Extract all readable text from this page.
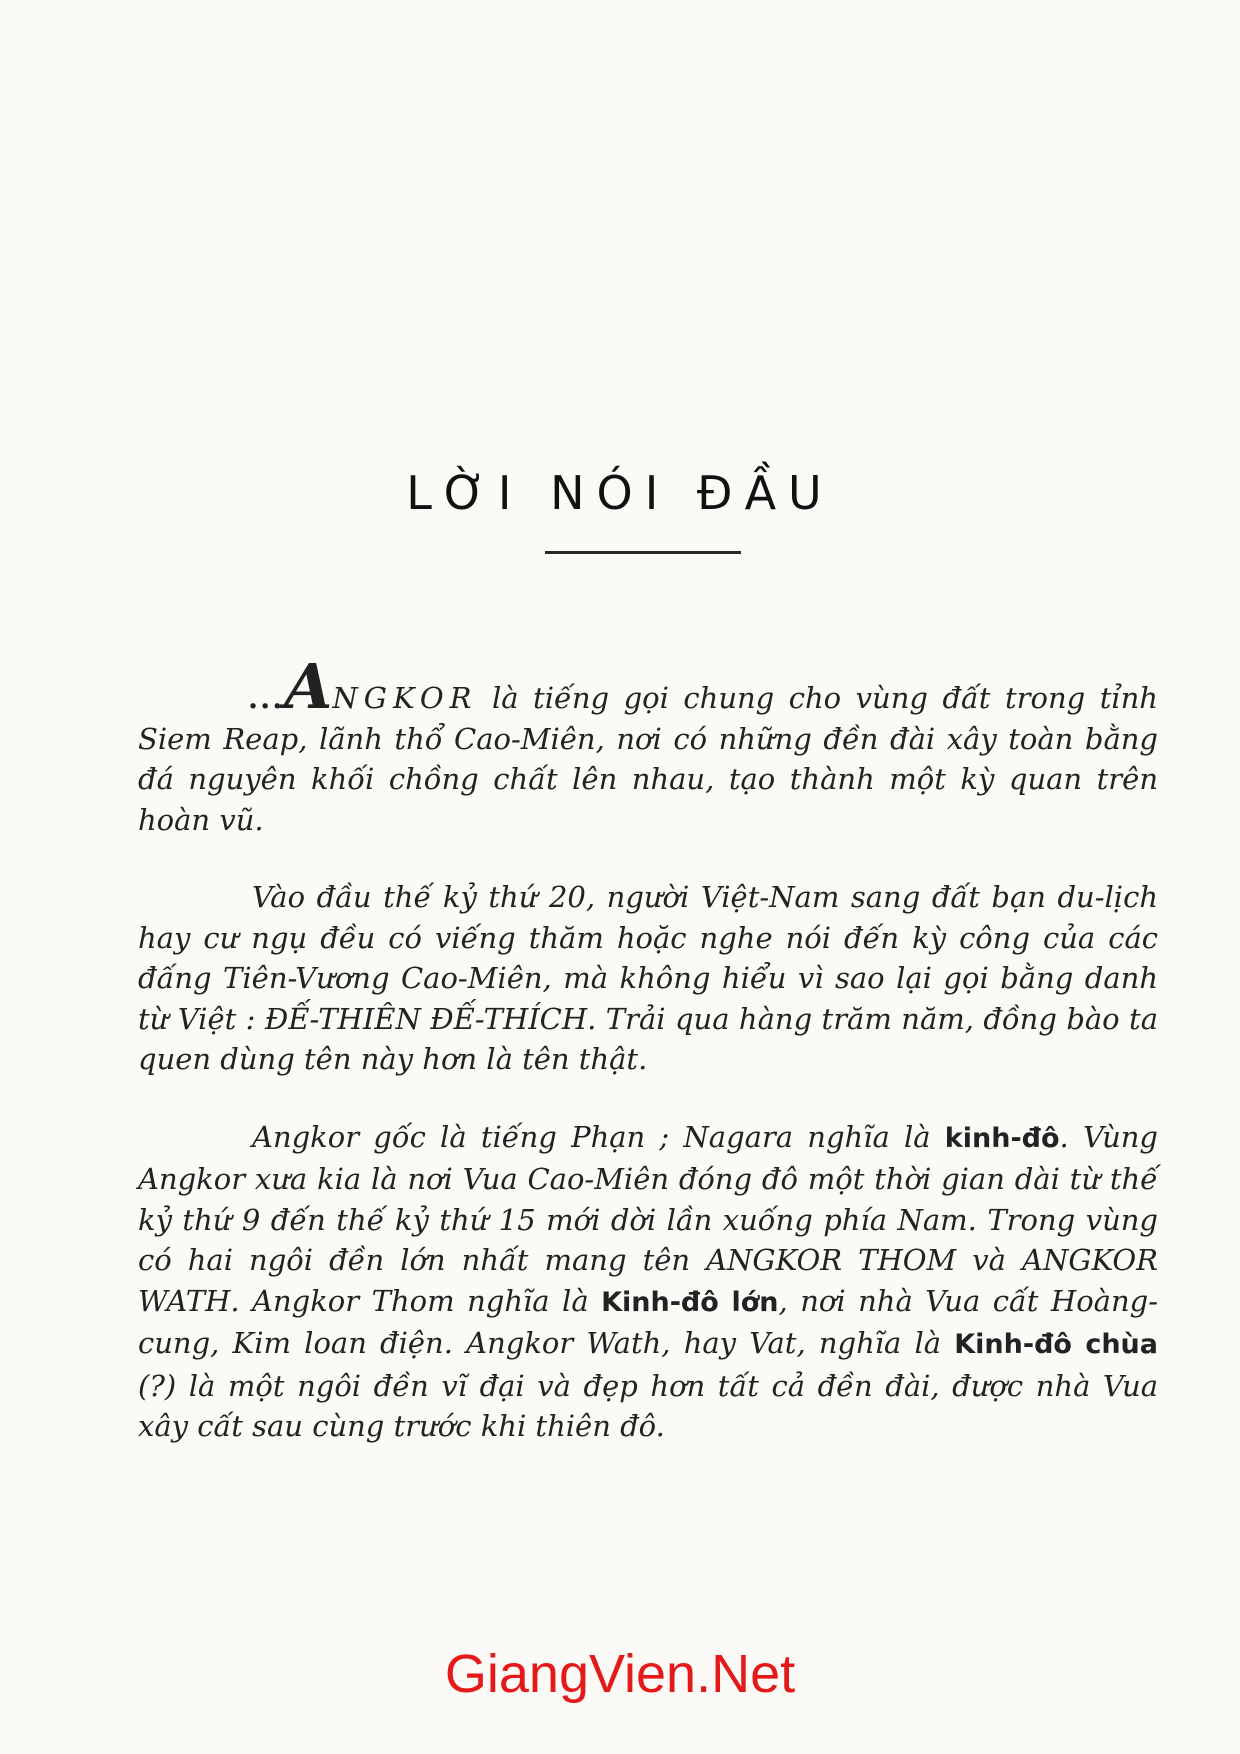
LỜI NÓI ĐẦU

...ANGKOR là tiếng gọi chung cho vùng đất trong tỉnh Siem Reap, lãnh thổ Cao-Miên, nơi có những đền đài xây toàn bằng đá nguyên khối chồng chất lên nhau, tạo thành một kỳ quan trên hoàn vũ.

Vào đầu thế kỷ thứ 20, người Việt-Nam sang đất bạn du-lịch hay cư ngụ đều có viếng thăm hoặc nghe nói đến kỳ công của các đấng Tiên-Vương Cao-Miên, mà không hiểu vì sao lại gọi bằng danh từ Việt : ĐẾ-THIÊN ĐẾ-THÍCH. Trải qua hàng trăm năm, đồng bào ta quen dùng tên này hơn là tên thật.

Angkor gốc là tiếng Phạn ; Nagara nghĩa là kinh-đô. Vùng Angkor xưa kia là nơi Vua Cao-Miên đóng đô một thời gian dài từ thế kỷ thứ 9 đến thế kỷ thứ 15 mới dời lần xuống phía Nam. Trong vùng có hai ngôi đền lớn nhất mang tên ANGKOR THOM và ANGKOR WATH. Angkor Thom nghĩa là Kinh-đô lớn, nơi nhà Vua cất Hoàng-cung, Kim loan điện. Angkor Wath, hay Vat, nghĩa là Kinh-đô chùa (?) là một ngôi đền vĩ đại và đẹp hơn tất cả đền đài, được nhà Vua xây cất sau cùng trước khi thiên đô.

GiangVien.Net
